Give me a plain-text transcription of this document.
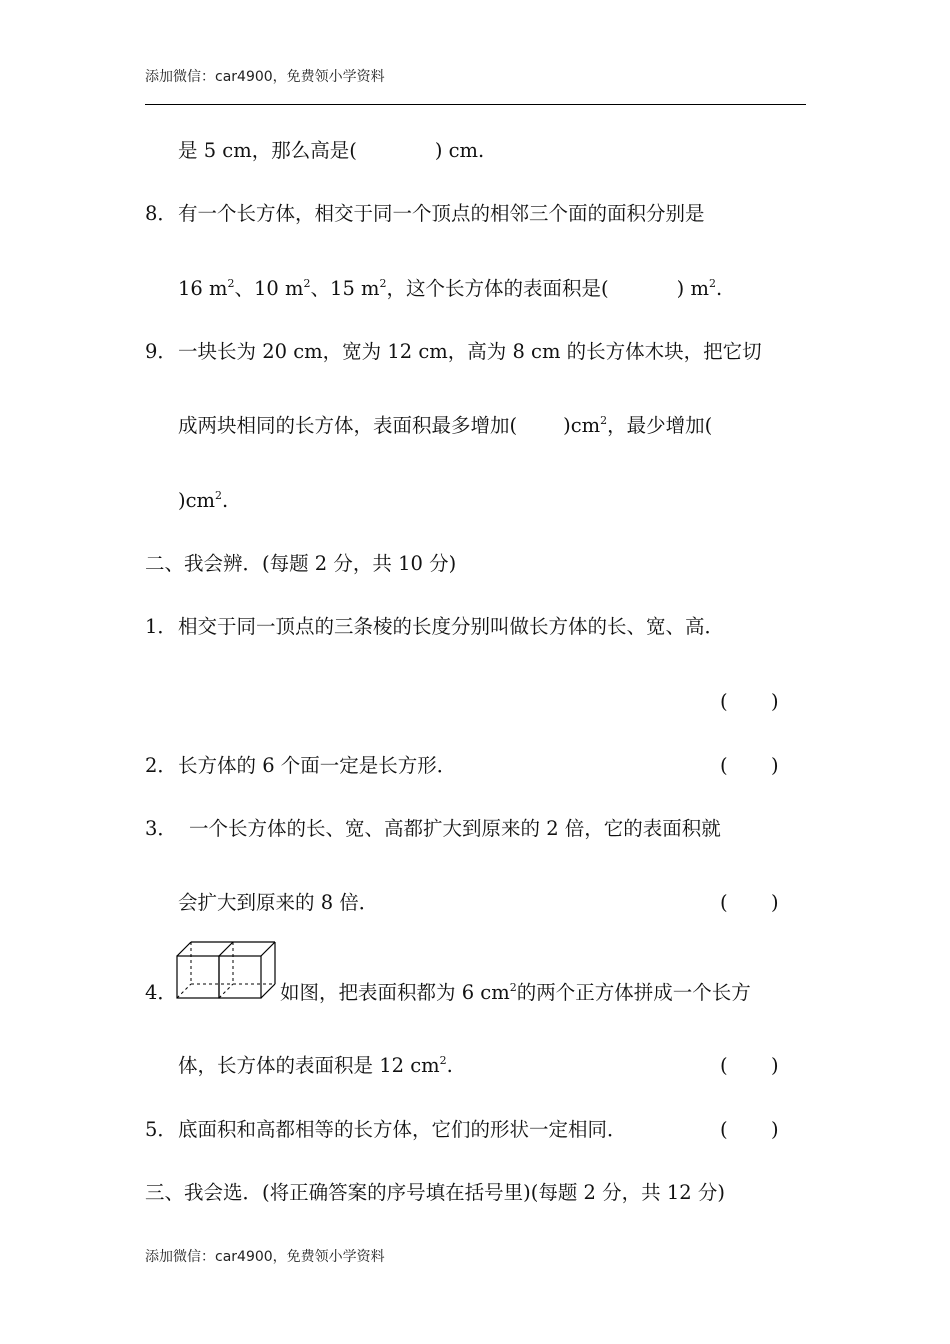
添加微信：car4900，免费领小学资料
是 5 cm，那么高是(	) cm.
8． 有一个长方体，相交于同一个顶点的相邻三个面的面积分别是
16 $m^2$、10 $m^2$、15 $m^2$，这个长方体的表面积是(	) $m^2$.
9． 一块长为 20 cm，宽为 12 cm，高为 8 cm 的长方体木块，把它切
成两块相同的长方体，表面积最多增加( )$cm^2$，最少增加(
)$cm^2$.
二、我会辨．(每题 2 分，共 10 分)
1． 相交于同一顶点的三条棱的长度分别叫做长方体的长、宽、高．
(       )
2． 长方体的 6 个面一定是长方形．	(       )
3． 一个长方体的长、宽、高都扩大到原来的 2 倍，它的表面积就
会扩大到原来的 8 倍．	(       )
4．	如图，把表面积都为 6 $cm^2$的两个正方体拼成一个长方
体，长方体的表面积是 12 $cm^2$.	(       )
5． 底面积和高都相等的长方体，它们的形状一定相同．	(       )
三、我会选．(将正确答案的序号填在括号里)(每题 2 分，共 12 分)
添加微信：car4900，免费领小学资料
